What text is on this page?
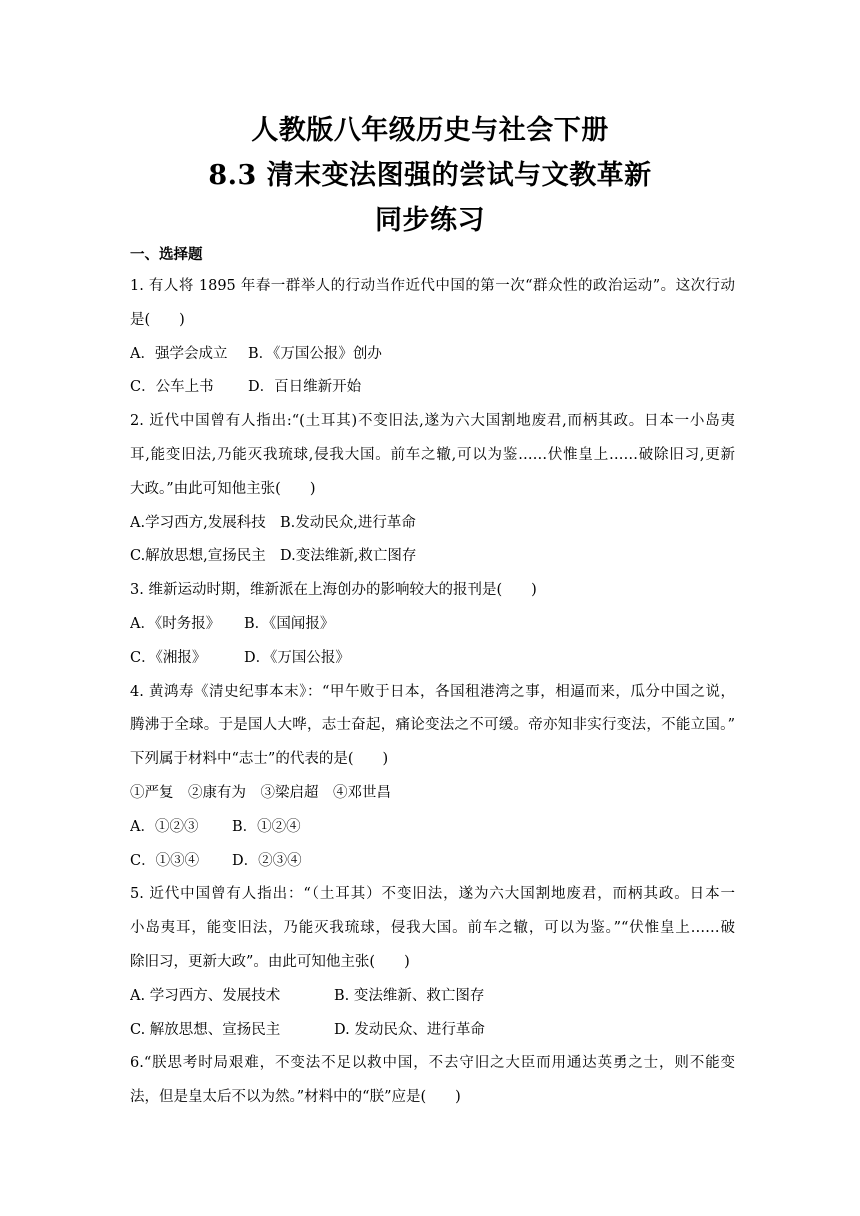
人教版八年级历史与社会下册
8.3 清末变法图强的尝试与文教革新
同步练习
一、选择题
1. 有人将 1895 年春一群举人的行动当作近代中国的第一次“群众性的政治运动”。这次行动
是(　　)
A．强学会成立 B．《万国公报》创办
C．公车上书 D．百日维新开始
2. 近代中国曾有人指出:“(土耳其)不变旧法,遂为六大国割地废君,而柄其政。日本一小岛夷
耳,能变旧法,乃能灭我琉球,侵我大国。前车之辙,可以为鉴……伏惟皇上……破除旧习,更新
大政。”由此可知他主张(　　)
A.学习西方,发展科技 B.发动民众,进行革命
C.解放思想,宣扬民主 D.变法维新,救亡图存
3. 维新运动时期，维新派在上海创办的影响较大的报刊是(　　)
A．《时务报》 B．《国闻报》
C．《湘报》	D．《万国公报》
4. 黄鸿寿《清史纪事本末》：“甲午败于日本，各国租港湾之事，相逼而来，瓜分中国之说，
腾沸于全球。于是国人大哗，志士奋起，痛论变法之不可缓。帝亦知非实行变法，不能立国。”
下列属于材料中“志士”的代表的是(　　)
①严复　②康有为　③梁启超　④邓世昌
A．①②③ B．①②④
C．①③④ D．②③④
5. 近代中国曾有人指出：“（土耳其）不变旧法，遂为六大国割地废君，而柄其政。日本一
小岛夷耳，能变旧法，乃能灭我琉球，侵我大国。前车之辙，可以为鉴。”“伏惟皇上……破
除旧习，更新大政”。由此可知他主张(　　)
A. 学习西方、发展技术	B. 变法维新、救亡图存
C. 解放思想、宣扬民主	D. 发动民众、进行革命
6.“朕思考时局艰难，不变法不足以救中国，不去守旧之大臣而用通达英勇之士，则不能变
法，但是皇太后不以为然。”材料中的“朕”应是(　　)
